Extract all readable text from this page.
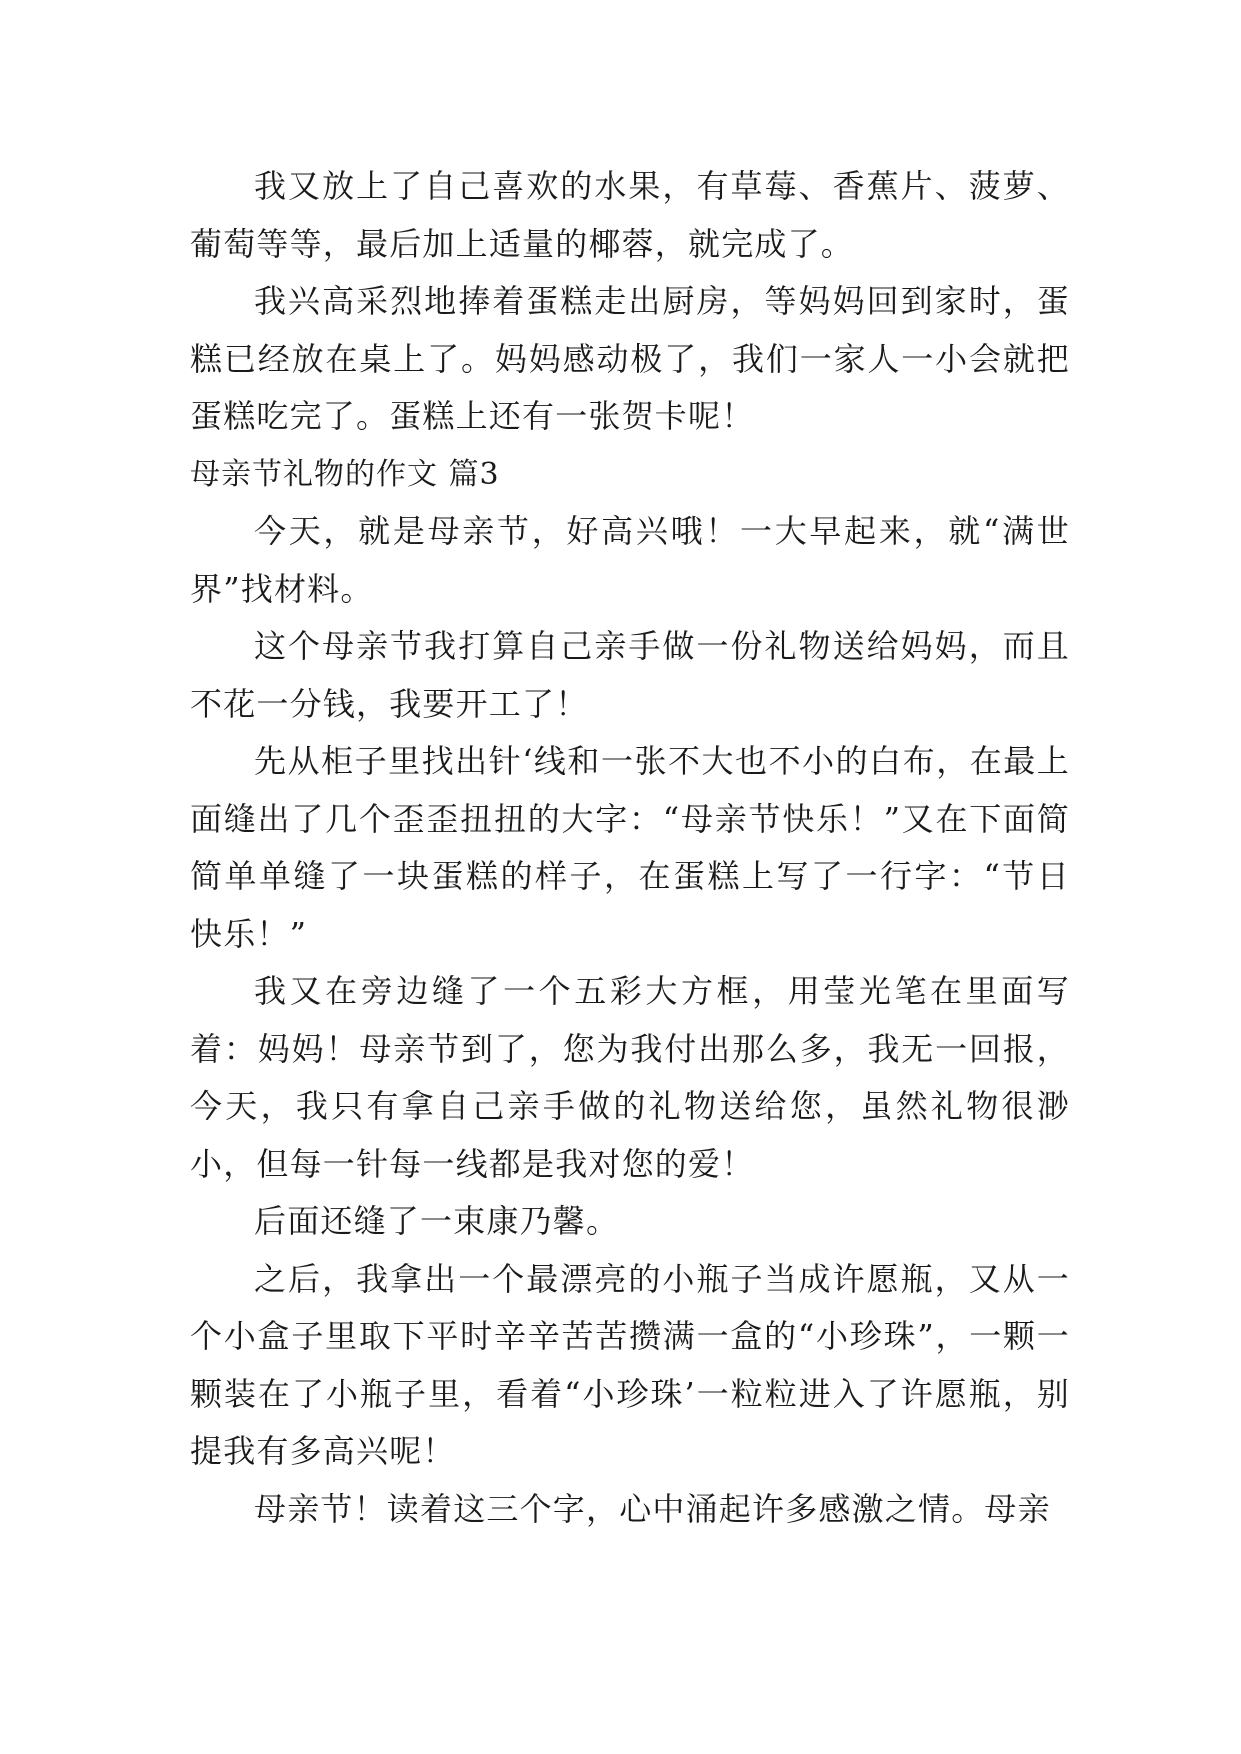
我又放上了自己喜欢的水果，有草莓、香蕉片、菠萝、葡萄等等，最后加上适量的椰蓉，就完成了。

我兴高采烈地捧着蛋糕走出厨房，等妈妈回到家时，蛋糕已经放在桌上了。妈妈感动极了，我们一家人一小会就把蛋糕吃完了。蛋糕上还有一张贺卡呢！

母亲节礼物的作文 篇3

今天，就是母亲节，好高兴哦！一大早起来，就“满世界”找材料。

这个母亲节我打算自己亲手做一份礼物送给妈妈，而且不花一分钱，我要开工了！

先从柜子里找出针‘线和一张不大也不小的白布，在最上面缝出了几个歪歪扭扭的大字：“母亲节快乐！”又在下面简简单单缝了一块蛋糕的样子，在蛋糕上写了一行字：“节日快乐！”

我又在旁边缝了一个五彩大方框，用莹光笔在里面写着：妈妈！母亲节到了，您为我付出那么多，我无一回报，今天，我只有拿自己亲手做的礼物送给您，虽然礼物很渺小，但每一针每一线都是我对您的爱！

后面还缝了一束康乃馨。

之后，我拿出一个最漂亮的小瓶子当成许愿瓶，又从一个小盒子里取下平时辛辛苦苦攒满一盒的“小珍珠”，一颗一颗装在了小瓶子里，看着“小珍珠’一粒粒进入了许愿瓶，别提我有多高兴呢！

母亲节！读着这三个字，心中涌起许多感激之情。母亲
